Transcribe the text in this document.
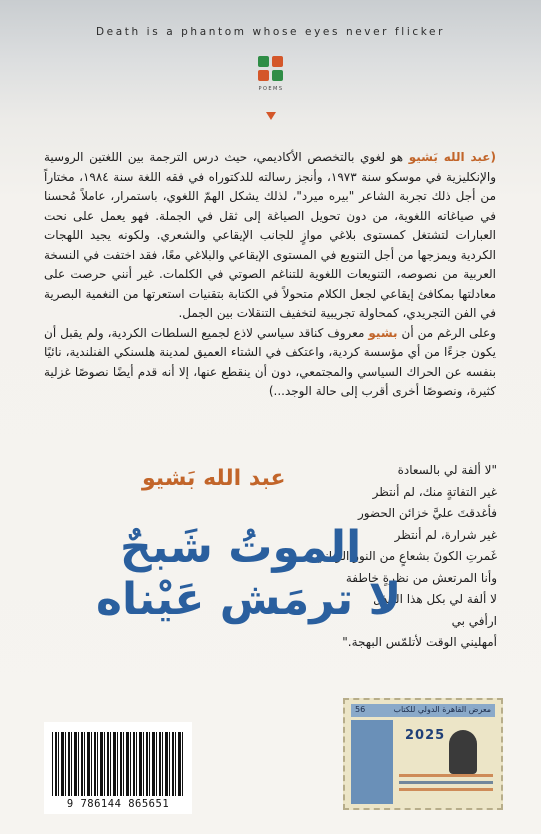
Death is a phantom whose eyes never flicker
POEMS

(عبد الله بَشيو هو لغوي بالتخصص الأكاديمي، حيث درس الترجمة بين اللغتين الروسية والإنكليزية في موسكو سنة ١٩٧٣، وأنجز رسالته للدكتوراه في فقه اللغة سنة ١٩٨٤، مختاراً من أجل ذلك تجربة الشاعر "بيره ميرد"، لذلك يشكل الهمّ اللغوي، باستمرار، عاملاً مُحسنا في صياغاته اللغوية، من دون تحويل الصياغة إلى ثقل في الجملة. فهو يعمل على نحت العبارات لتشتغل كمستوى بلاغي موازٍ للجانب الإيقاعي والشعري. ولكونه يجيد اللهجات الكردية ويمزجها من أجل التنويع في المستوى الإيقاعي والبلاغي معًا، فقد اختفت في النسخة العربية من نصوصه، التنويعات اللغوية للتناغم الصوتي في الكلمات. غير أنني حرصت على معادلتها بمكافئ إيقاعي لجعل الكلام متحولاً في الكتابة بتقنيات استعرتها من النغمية البصرية في الفن التجريدي، كمحاولة تجريبية لتخفيف التنقلات بين الجمل.

وعلى الرغم من أن بشيو معروف كناقد سياسي لاذع لجميع السلطات الكردية، ولم يقبل أن يكون جزءًا من أي مؤسسة كردية، واعتكف في الشتاء العميق لمدينة هلسنكي الفنلندية، نائيًا بنفسه عن الحراك السياسي والمجتمعي، دون أن ينقطع عنها، إلا أنه قدم أيضًا نصوصًا غزلية كثيرة، ونصوصًا أخرى أقرب إلى حالة الوجد...)

"لا ألفة لي بالسعادة
غير التفاتةٍ منك، لم أنتظر
فأغدقتَ عليَّ خزائن الحضور
غير شرارة، لم أنتظر
غَمرتِ الكونَ بشعاعٍ من النور الرباني
وأنا المرتعش من نظرةٍ خاطفة
لا ألفة لي بكل هذا الجذل
ارأفي بي
أمهليني الوقت لأتلمّس البهجة."
عبد الله بَشيو
الموتُ شَبحٌ
لا ترمَش عَيْناه
9 786144 865651
56	معرض القاهرة الدولي للكتاب
2025
